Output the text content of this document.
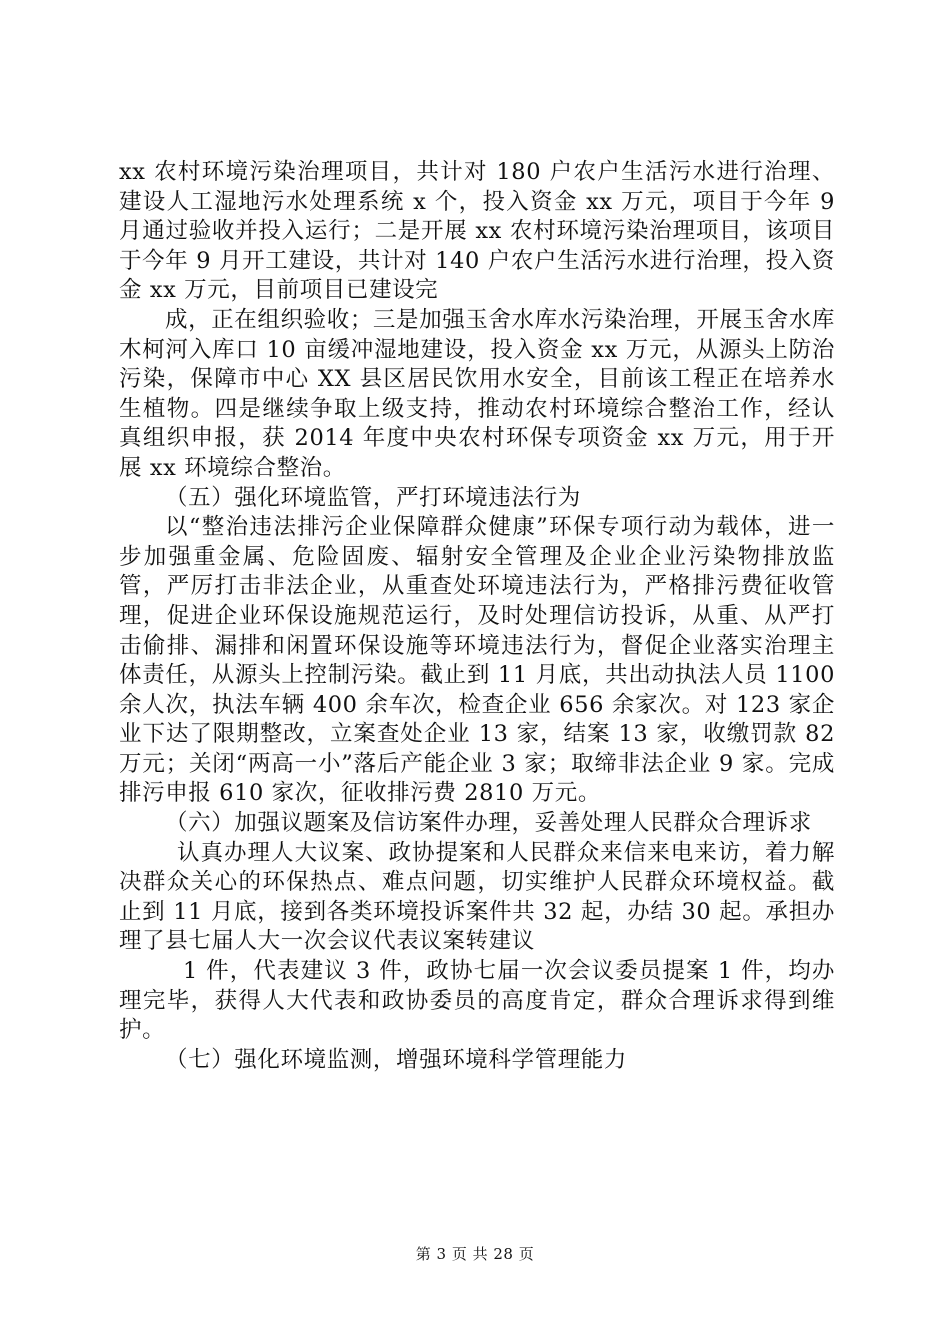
xx 农村环境污染治理项目，共计对 180 户农户生活污水进行治理、建设人工湿地污水处理系统 x 个，投入资金 xx 万元，项目于今年 9 月通过验收并投入运行；二是开展 xx 农村环境污染治理项目，该项目于今年 9 月开工建设，共计对 140 户农户生活污水进行治理，投入资金 xx 万元，目前项目已建设完

成，正在组织验收；三是加强玉舍水库水污染治理，开展玉舍水库木柯河入库口 10 亩缓冲湿地建设，投入资金 xx 万元，从源头上防治污染，保障市中心 XX 县区居民饮用水安全，目前该工程正在培养水生植物。四是继续争取上级支持，推动农村环境综合整治工作，经认真组织申报，获 2014 年度中央农村环保专项资金 xx 万元，用于开展 xx 环境综合整治。

（五）强化环境监管，严打环境违法行为

以“整治违法排污企业保障群众健康”环保专项行动为载体，进一步加强重金属、危险固废、辐射安全管理及企业企业污染物排放监管，严厉打击非法企业，从重查处环境违法行为，严格排污费征收管理，促进企业环保设施规范运行，及时处理信访投诉，从重、从严打击偷排、漏排和闲置环保设施等环境违法行为，督促企业落实治理主体责任，从源头上控制污染。截止到 11 月底，共出动执法人员 1100 余人次，执法车辆 400 余车次，检查企业 656 余家次。对 123 家企业下达了限期整改，立案查处企业 13 家，结案 13 家，收缴罚款 82 万元；关闭“两高一小”落后产能企业 3 家；取缔非法企业 9 家。完成排污申报 610 家次，征收排污费 2810 万元。

（六）加强议题案及信访案件办理，妥善处理人民群众合理诉求

认真办理人大议案、政协提案和人民群众来信来电来访，着力解决群众关心的环保热点、难点问题，切实维护人民群众环境权益。截止到 11 月底，接到各类环境投诉案件共 32 起，办结 30 起。承担办理了县七届人大一次会议代表议案转建议

1 件，代表建议 3 件，政协七届一次会议委员提案 1 件，均办理完毕，获得人大代表和政协委员的高度肯定，群众合理诉求得到维护。

（七）强化环境监测，增强环境科学管理能力

第 3 页 共 28 页
